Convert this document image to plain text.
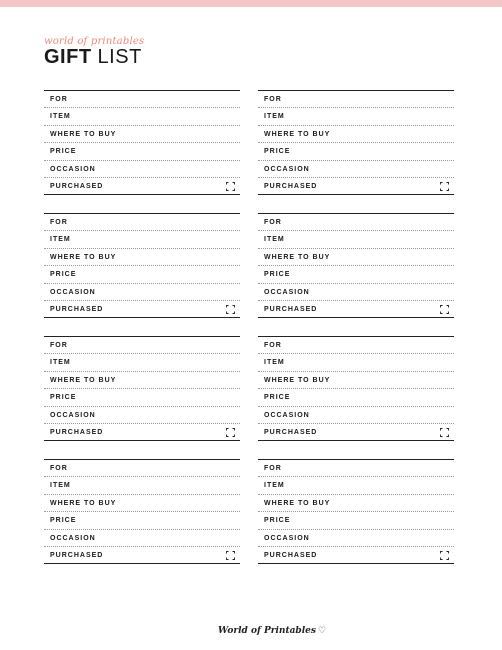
world of printables
GIFT LIST
FOR
ITEM
WHERE TO BUY
PRICE
OCCASION
PURCHASED
FOR
ITEM
WHERE TO BUY
PRICE
OCCASION
PURCHASED
FOR
ITEM
WHERE TO BUY
PRICE
OCCASION
PURCHASED
FOR
ITEM
WHERE TO BUY
PRICE
OCCASION
PURCHASED
FOR
ITEM
WHERE TO BUY
PRICE
OCCASION
PURCHASED
FOR
ITEM
WHERE TO BUY
PRICE
OCCASION
PURCHASED
FOR
ITEM
WHERE TO BUY
PRICE
OCCASION
PURCHASED
FOR
ITEM
WHERE TO BUY
PRICE
OCCASION
PURCHASED
World of Printables ♡
